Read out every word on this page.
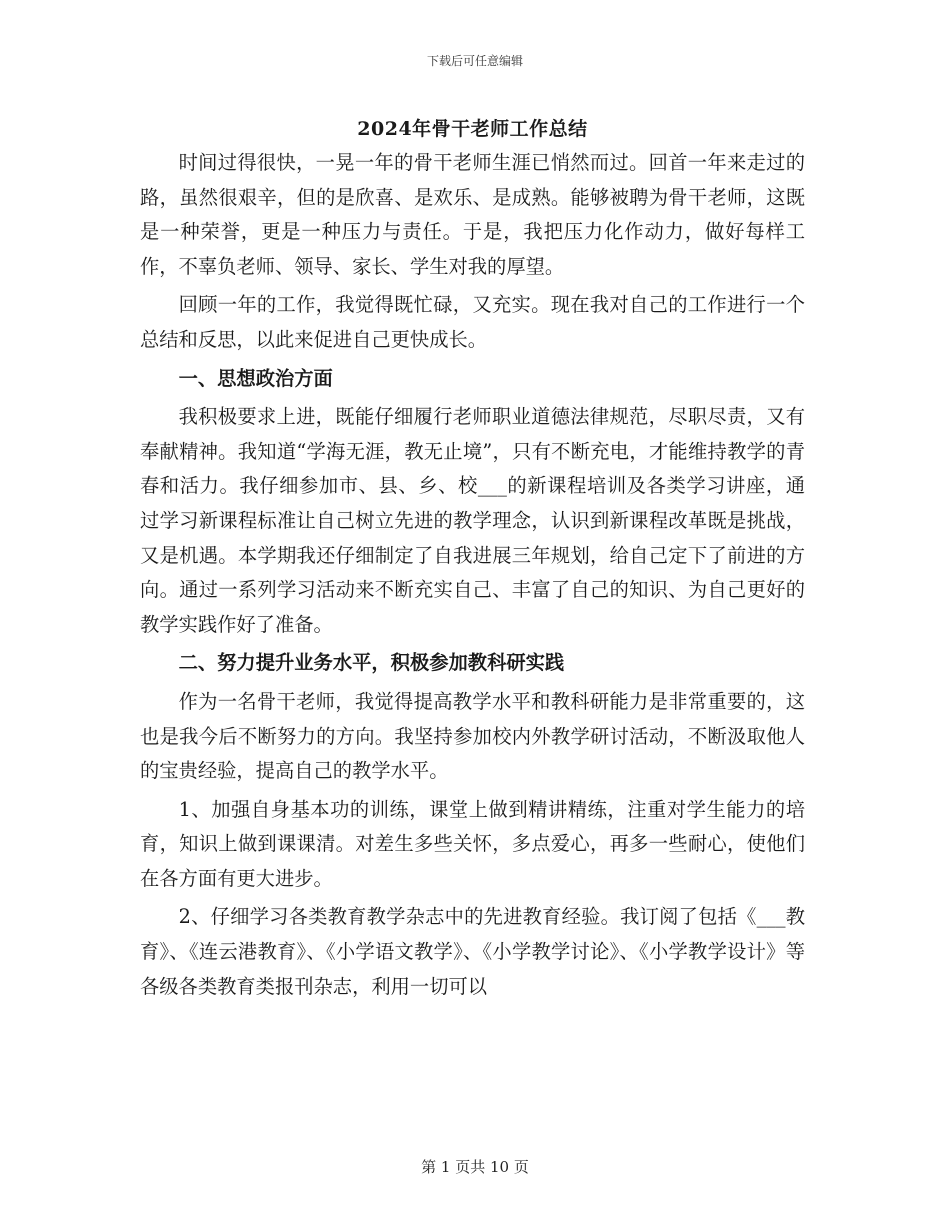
下载后可任意编辑
2024年骨干老师工作总结

时间过得很快，一晃一年的骨干老师生涯已悄然而过。回首一年来走过的路，虽然很艰辛，但的是欣喜、是欢乐、是成熟。能够被聘为骨干老师，这既是一种荣誉，更是一种压力与责任。于是，我把压力化作动力，做好每样工作，不辜负老师、领导、家长、学生对我的厚望。

回顾一年的工作，我觉得既忙碌，又充实。现在我对自己的工作进行一个总结和反思，以此来促进自己更快成长。

一、思想政治方面

我积极要求上进，既能仔细履行老师职业道德法律规范，尽职尽责，又有奉献精神。我知道“学海无涯，教无止境”，只有不断充电，才能维持教学的青春和活力。我仔细参加市、县、乡、校___的新课程培训及各类学习讲座，通过学习新课程标准让自己树立先进的教学理念，认识到新课程改革既是挑战，又是机遇。本学期我还仔细制定了自我进展三年规划，给自己定下了前进的方向。通过一系列学习活动来不断充实自己、丰富了自己的知识、为自己更好的教学实践作好了准备。

二、努力提升业务水平，积极参加教科研实践

作为一名骨干老师，我觉得提高教学水平和教科研能力是非常重要的，这也是我今后不断努力的方向。我坚持参加校内外教学研讨活动，不断汲取他人的宝贵经验，提高自己的教学水平。

1、加强自身基本功的训练，课堂上做到精讲精练，注重对学生能力的培育，知识上做到课课清。对差生多些关怀，多点爱心，再多一些耐心，使他们在各方面有更大进步。

2、仔细学习各类教育教学杂志中的先进教育经验。我订阅了包括《___教育》、《连云港教育》、《小学语文教学》、《小学教学讨论》、《小学教学设计》等各级各类教育类报刊杂志，利用一切可以

第 1 页共 10 页
